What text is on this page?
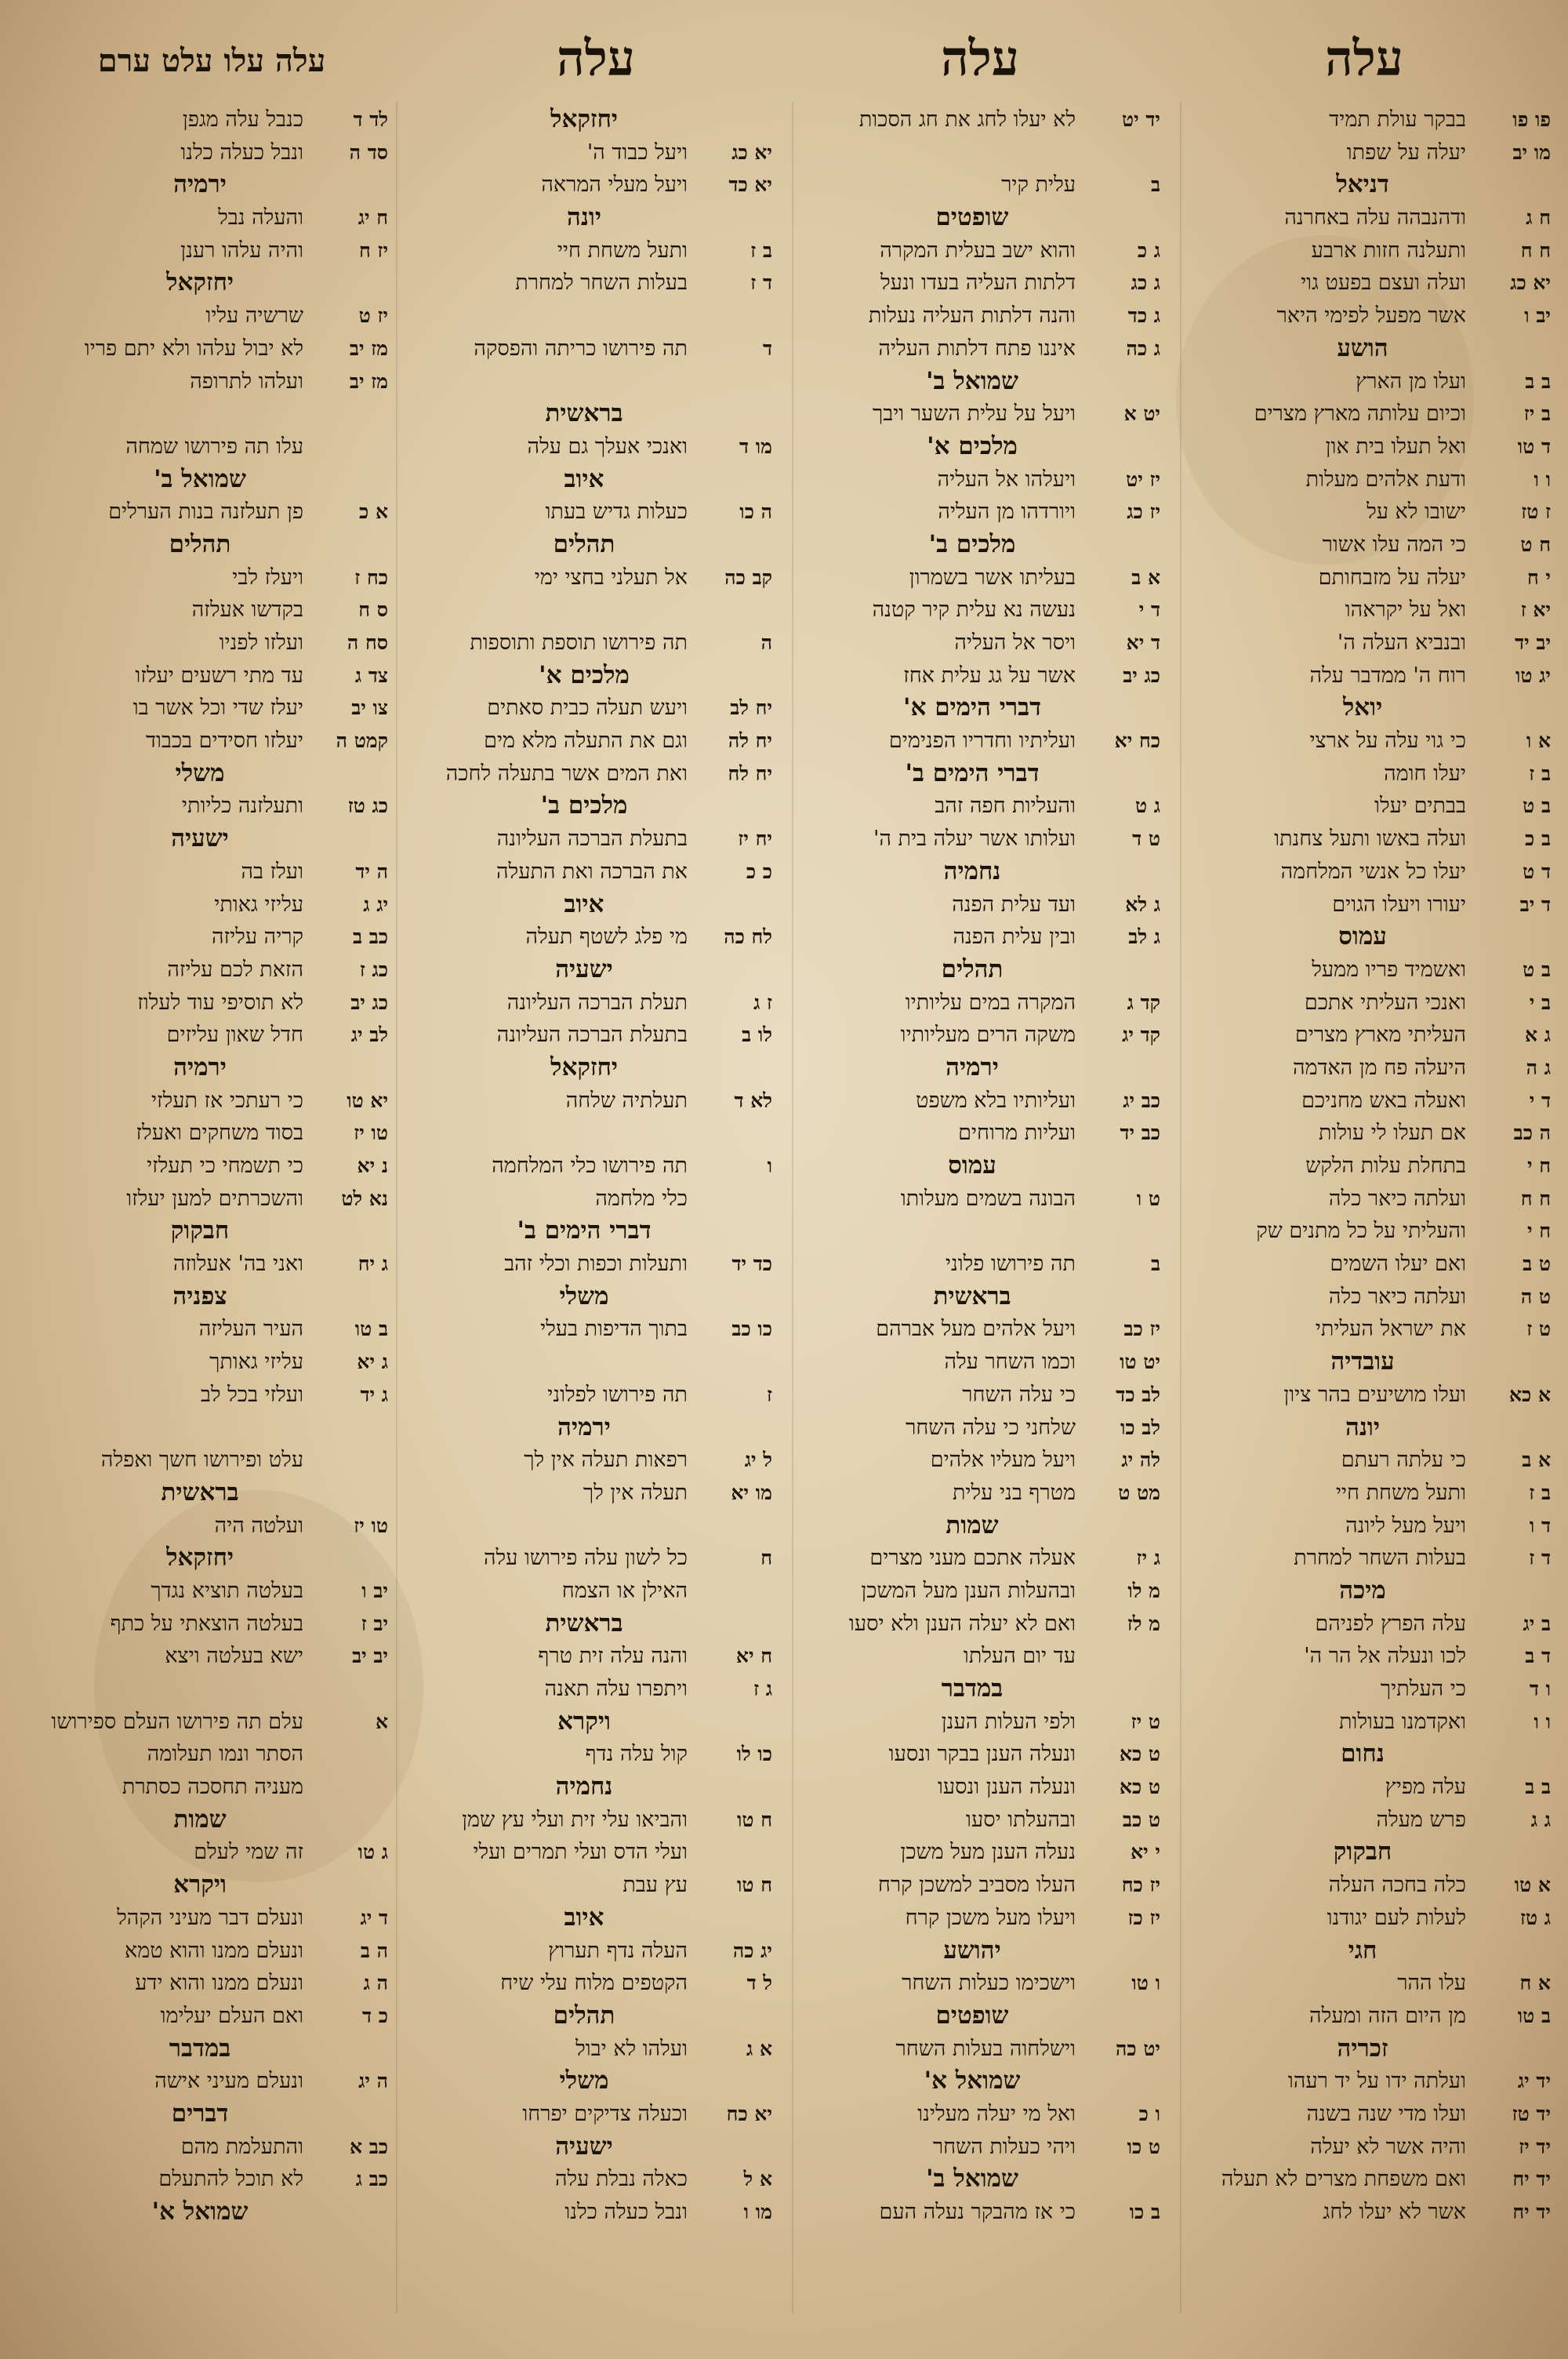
עלה
עלה
עלה
עלה עלו עלט ערם
פו פו
בבקר עולת תמיד
מו יב
יעלה על שפתו
דניאל
ח ג
ודהנבהה עלה באחרנה
ח ח
ותעלנה חזות ארבע
יא כג
ועלה ועצם בפעט גוי
יב ו
אשר מפעל לפימי היאר
הושע
ב ב
ועלו מן הארץ
ב יז
וכיום עלותה מארץ מצרים
ד טו
ואל תעלו בית און
ו ו
ודעת אלהים מעלות
ז טז
ישובו לא על
ח ט
כי המה עלו אשור
י ח
יעלה על מזבחותם
יא ז
ואל על יקראהו
יב יד
ובנביא העלה ה'
יג טו
רוח ה' ממדבר עלה
יואל
א ו
כי גוי עלה על ארצי
ב ז
יעלו חומה
ב ט
בבתים יעלו
ב כ
ועלה באשו ותעל צחנתו
ד ט
יעלו כל אנשי המלחמה
ד יב
יעורו ויעלו הגוים
עמוס
ב ט
ואשמיד פריו ממעל
ב י
ואנכי העליתי אתכם
ג א
העליתי מארץ מצרים
ג ה
היעלה פח מן האדמה
ד י
ואעלה באש מחניכם
ה כב
אם תעלו לי עולות
ח י
בתחלת עלות הלקש
ח ח
ועלתה כיאר כלה
ח י
והעליתי על כל מתנים שק
ט ב
ואם יעלו השמים
ט ה
ועלתה כיאר כלה
ט ז
את ישראל העליתי
עובדיה
א כא
ועלו מושיעים בהר ציון
יונה
א ב
כי עלתה רעתם
ב ז
ותעל משחת חיי
ד ו
ויעל מעל ליונה
ד ז
בעלות השחר למחרת
מיכה
ב יג
עלה הפרץ לפניהם
ד ב
לכו ונעלה אל הר ה'
ו ד
כי העלתיך
ו ו
ואקדמנו בעולות
נחום
ב ב
עלה מפיץ
ג ג
פרש מעלה
חבקוק
א טו
כלה בחכה העלה
ג טז
לעלות לעם יגודנו
חגי
א ח
עלו ההר
ב טו
מן היום הזה ומעלה
זכריה
יד יג
ועלתה ידו על יד רעהו
יד טז
ועלו מדי שנה בשנה
יד יז
והיה אשר לא יעלה
יד יח
ואם משפחת מצרים לא תעלה
יד יח
אשר לא יעלו לחג
יד יט
לא יעלו לחג את חג הסכות
ב
עלית קיר
שופטים
ג כ
והוא ישב בעלית המקרה
ג כג
דלתות העליה בעדו ונעל
ג כד
והנה דלתות העליה נעלות
ג כה
איננו פתח דלתות העליה
שמואל ב'
יט א
ויעל על עלית השער ויבך
מלכים א'
יז יט
ויעלהו אל העליה
יז כג
ויורדהו מן העליה
מלכים ב'
א ב
בעליתו אשר בשמרון
ד י
נעשה נא עלית קיר קטנה
ד יא
ויסר אל העליה
כג יב
אשר על גג עלית אחז
דברי הימים א'
כח יא
ועליתיו וחדריו הפנימים
דברי הימים ב'
ג ט
והעליות חפה זהב
ט ד
ועלותו אשר יעלה בית ה'
נחמיה
ג לא
ועד עלית הפנה
ג לב
ובין עלית הפנה
תהלים
קד ג
המקרה במים עליותיו
קד יג
משקה הרים מעליותיו
ירמיה
כב יג
ועליותיו בלא משפט
כב יד
ועליות מרוחים
עמוס
ט ו
הבונה בשמים מעלותו
ב
תה פירושו פלוני
בראשית
יז כב
ויעל אלהים מעל אברהם
יט טו
וכמו השחר עלה
לב כד
כי עלה השחר
לב כו
שלחני כי עלה השחר
לה יג
ויעל מעליו אלהים
מט ט
מטרף בני עלית
שמות
ג יז
אעלה אתכם מעני מצרים
מ לו
ובהעלות הענן מעל המשכן
מ לז
ואם לא יעלה הענן ולא יסעו
עד יום העלתו
במדבר
ט יז
ולפי העלות הענן
ט כא
ונעלה הענן בבקר ונסעו
ט כא
ונעלה הענן ונסעו
ט כב
ובהעלתו יסעו
י יא
נעלה הענן מעל משכן
יז כח
העלו מסביב למשכן קרח
יז כז
ויעלו מעל משכן קרח
יהושע
ו טו
וישכימו כעלות השחר
שופטים
יט כה
וישלחוה בעלות השחר
שמואל א'
ו כ
ואל מי יעלה מעלינו
ט כו
ויהי כעלות השחר
שמואל ב'
ב כו
כי אז מהבקר נעלה העם
יחזקאל
יא כג
ויעל כבוד ה'
יא כד
ויעל מעלי המראה
יונה
ב ז
ותעל משחת חיי
ד ז
בעלות השחר למחרת
ד
תה פירושו כריתה והפסקה
בראשית
מו ד
ואנכי אעלך גם עלה
איוב
ה כו
כעלות גדיש בעתו
תהלים
קב כה
אל תעלני בחצי ימי
ה
תה פירושו תוספת ותוספות
מלכים א'
יח לב
ויעש תעלה כבית סאתים
יח לה
וגם את התעלה מלא מים
יח לח
ואת המים אשר בתעלה לחכה
מלכים ב'
יח יז
בתעלת הברכה העליונה
כ כ
את הברכה ואת התעלה
איוב
לח כה
מי פלג לשטף תעלה
ישעיה
ז ג
תעלת הברכה העליונה
לו ב
בתעלת הברכה העליונה
יחזקאל
לא ד
תעלתיה שלחה
ו
תה פירושו כלי המלחמה
כלי מלחמה
דברי הימים ב'
כד יד
ותעלות וכפות וכלי זהב
משלי
כו כב
בתוך הדיפות בעלי
ז
תה פירושו לפלוני
ירמיה
ל יג
רפאות תעלה אין לך
מו יא
תעלה אין לך
ח
כל לשון עלה פירושו עלה
האילן או הצמח
בראשית
ח יא
והנה עלה זית טרף
ג ז
ויתפרו עלה תאנה
ויקרא
כו לו
קול עלה נדף
נחמיה
ח טו
והביאו עלי זית ועלי עץ שמן
ועלי הדס ועלי תמרים ועלי
ח טו
עץ עבת
איוב
יג כה
העלה נדף תערוץ
ל ד
הקטפים מלוח עלי שיח
תהלים
א ג
ועלהו לא יבול
משלי
יא כח
וכעלה צדיקים יפרחו
ישעיה
א ל
כאלה נבלת עלה
מו ו
ונבל כעלה כלנו
לד ד
כנבל עלה מגפן
סד ה
ונבל כעלה כלנו
ירמיה
ח יג
והעלה נבל
יז ח
והיה עלהו רענן
יחזקאל
יז ט
שרשיה עליו
מז יב
לא יבול עלהו ולא יתם פריו
מז יב
ועלהו לתרופה
עלו תה פירושו שמחה
שמואל ב'
א כ
פן תעלזנה בנות הערלים
תהלים
כח ז
ויעלז לבי
ס ח
בקדשו אעלזה
סח ה
ועלזו לפניו
צד ג
עד מתי רשעים יעלזו
צו יב
יעלז שדי וכל אשר בו
קמט ה
יעלזו חסידים בכבוד
משלי
כג טז
ותעלזנה כליותי
ישעיה
ה יד
ועלז בה
יג ג
עליזי גאותי
כב ב
קריה עליזה
כג ז
הזאת לכם עליזה
כג יב
לא תוסיפי עוד לעלוז
לב יג
חדל שאון עליזים
ירמיה
יא טו
כי רעתכי אז תעלזי
טו יז
בסוד משחקים ואעלז
נ יא
כי תשמחי כי תעלזי
נא לט
והשכרתים למען יעלזו
חבקוק
ג יח
ואני בה' אעלוזה
צפניה
ב טו
העיר העליזה
ג יא
עליזי גאותך
ג יד
ועלזי בכל לב
עלט ופירושו חשך ואפלה
בראשית
טו יז
ועלטה היה
יחזקאל
יב ו
בעלטה תוציא נגדך
יב ז
בעלטה הוצאתי על כתף
יב יב
ישא בעלטה ויצא
א
עלם תה פירושו העלם ספירושו
הסתר ונמו תעלומה
מעניה תחסכה כסתרת
שמות
ג טו
זה שמי לעלם
ויקרא
ד יג
ונעלם דבר מעיני הקהל
ה ב
ונעלם ממנו והוא טמא
ה ג
ונעלם ממנו והוא ידע
כ ד
ואם העלם יעלימו
במדבר
ה יג
ונעלם מעיני אישה
דברים
כב א
והתעלמת מהם
כב ג
לא תוכל להתעלם
שמואל א'
